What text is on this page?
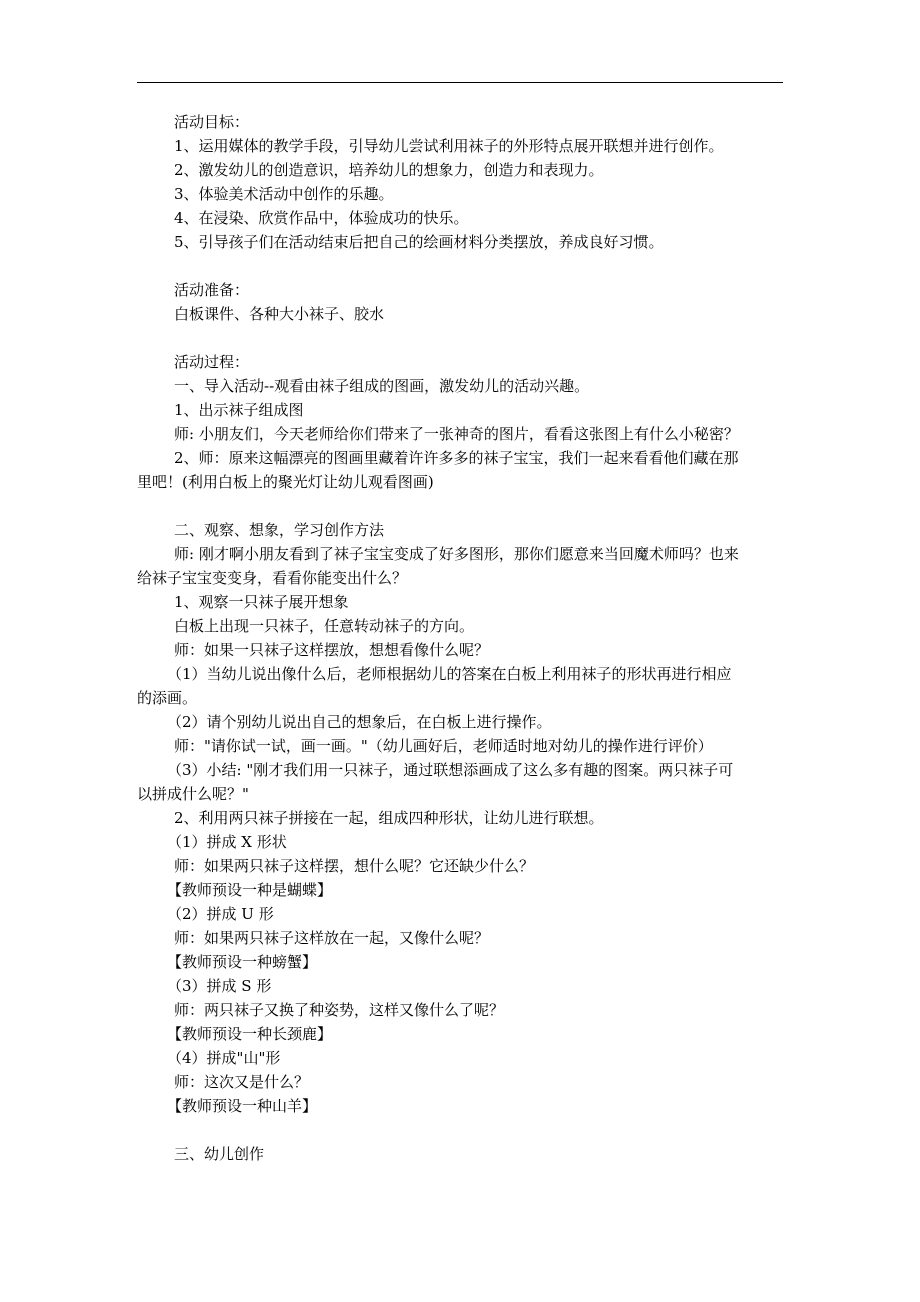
活动目标：
1、运用媒体的教学手段，引导幼儿尝试利用袜子的外形特点展开联想并进行创作。
2、激发幼儿的创造意识，培养幼儿的想象力，创造力和表现力。
3、体验美术活动中创作的乐趣。
4、在浸染、欣赏作品中，体验成功的快乐。
5、引导孩子们在活动结束后把自己的绘画材料分类摆放，养成良好习惯。
活动准备：
白板课件、各种大小袜子、胶水
活动过程：
一、导入活动--观看由袜子组成的图画，激发幼儿的活动兴趣。
1、出示袜子组成图
师: 小朋友们，今天老师给你们带来了一张神奇的图片，看看这张图上有什么小秘密？
2、师：原来这幅漂亮的图画里藏着许许多多的袜子宝宝，我们一起来看看他们藏在那
里吧！(利用白板上的聚光灯让幼儿观看图画)
二、观察、想象，学习创作方法
师: 刚才啊小朋友看到了袜子宝宝变成了好多图形，那你们愿意来当回魔术师吗？也来
给袜子宝宝变变身，看看你能变出什么？
1、观察一只袜子展开想象
白板上出现一只袜子，任意转动袜子的方向。
师：如果一只袜子这样摆放，想想看像什么呢？
（1）当幼儿说出像什么后，老师根据幼儿的答案在白板上利用袜子的形状再进行相应
的添画。
（2）请个别幼儿说出自己的想象后，在白板上进行操作。
师："请你试一试，画一画。"（幼儿画好后，老师适时地对幼儿的操作进行评价）
（3）小结: "刚才我们用一只袜子，通过联想添画成了这么多有趣的图案。两只袜子可
以拼成什么呢？"
2、利用两只袜子拼接在一起，组成四种形状，让幼儿进行联想。
（1）拼成 X 形状
师：如果两只袜子这样摆，想什么呢？它还缺少什么？
【教师预设一种是蝴蝶】
（2）拼成 U 形
师：如果两只袜子这样放在一起，又像什么呢？
【教师预设一种螃蟹】
（3）拼成 S 形
师：两只袜子又换了种姿势，这样又像什么了呢？
【教师预设一种长颈鹿】
（4）拼成"山"形
师：这次又是什么？
【教师预设一种山羊】
三、幼儿创作
